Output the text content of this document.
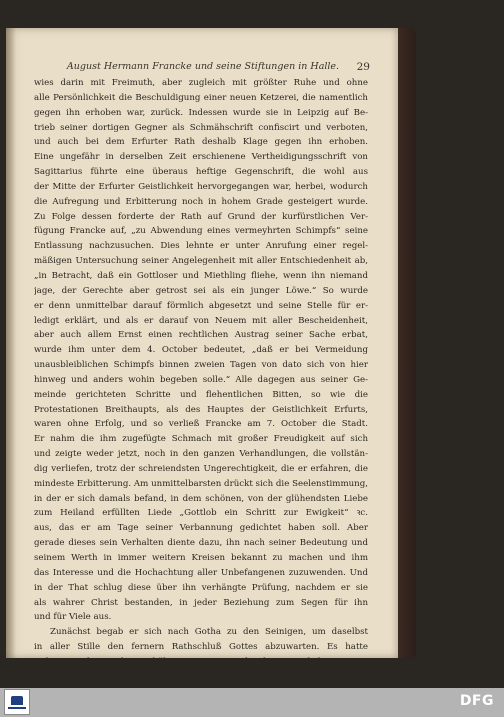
August Hermann Francke und seine Stiftungen in Halle.	29
wies darin mit Freimuth, aber zugleich mit größter Ruhe und ohne
alle Persönlichkeit die Beschuldigung einer neuen Ketzerei, die namentlich
gegen ihn erhoben war, zurück. Indessen wurde sie in Leipzig auf Be-
trieb seiner dortigen Gegner als Schmähschrift confiscirt und verboten,
und auch bei dem Erfurter Rath deshalb Klage gegen ihn erhoben.
Eine ungefähr in derselben Zeit erschienene Vertheidigungsschrift von
Sagittarius führte eine überaus heftige Gegenschrift, die wohl aus
der Mitte der Erfurter Geistlichkeit hervorgegangen war, herbei, wodurch
die Aufregung und Erbitterung noch in hohem Grade gesteigert wurde.
Zu Folge dessen forderte der Rath auf Grund der kurfürstlichen Ver-
fügung Francke auf, „zu Abwendung eines vermeyhrten Schimpfs“ seine
Entlassung nachzusuchen. Dies lehnte er unter Anrufung einer regel-
mäßigen Untersuchung seiner Angelegenheit mit aller Entschiedenheit ab,
„in Betracht, daß ein Gottloser und Miethling fliehe, wenn ihn niemand
jage, der Gerechte aber getrost sei als ein junger Löwe.“ So wurde
er denn unmittelbar darauf förmlich abgesetzt und seine Stelle für er-
ledigt erklärt, und als er darauf von Neuem mit aller Bescheidenheit,
aber auch allem Ernst einen rechtlichen Austrag seiner Sache erbat,
wurde ihm unter dem 4. October bedeutet, „daß er bei Vermeidung
unausbleiblichen Schimpfs binnen zweien Tagen von dato sich von hier
hinweg und anders wohin begeben solle.“ Alle dagegen aus seiner Ge-
meinde gerichteten Schritte und flehentlichen Bitten, so wie die
Protestationen Breithaupts, als des Hauptes der Geistlichkeit Erfurts,
waren ohne Erfolg, und so verließ Francke am 7. October die Stadt.
Er nahm die ihm zugefügte Schmach mit großer Freudigkeit auf sich
und zeigte weder jetzt, noch in den ganzen Verhandlungen, die vollstän-
dig verliefen, trotz der schreiendsten Ungerechtigkeit, die er erfahren, die
mindeste Erbitterung. Am unmittelbarsten drückt sich die Seelenstimmung,
in der er sich damals befand, in dem schönen, von der glühendsten Liebe
zum Heiland erfüllten Liede „Gottlob ein Schritt zur Ewigkeit“ ꝛc.
aus, das er am Tage seiner Verbannung gedichtet haben soll. Aber
gerade dieses sein Verhalten diente dazu, ihn nach seiner Bedeutung und
seinem Werth in immer weitern Kreisen bekannt zu machen und ihm
das Interesse und die Hochachtung aller Unbefangenen zuzuwenden. Und
in der That schlug diese über ihn verhängte Prüfung, nachdem er sie
als wahrer Christ bestanden, in jeder Beziehung zum Segen für ihn
und für Viele aus.
Zunächst begab er sich nach Gotha zu den Seinigen, um daselbst
in aller Stille den fernern Rathschluß Gottes abzuwarten. Es hatte
DFG
